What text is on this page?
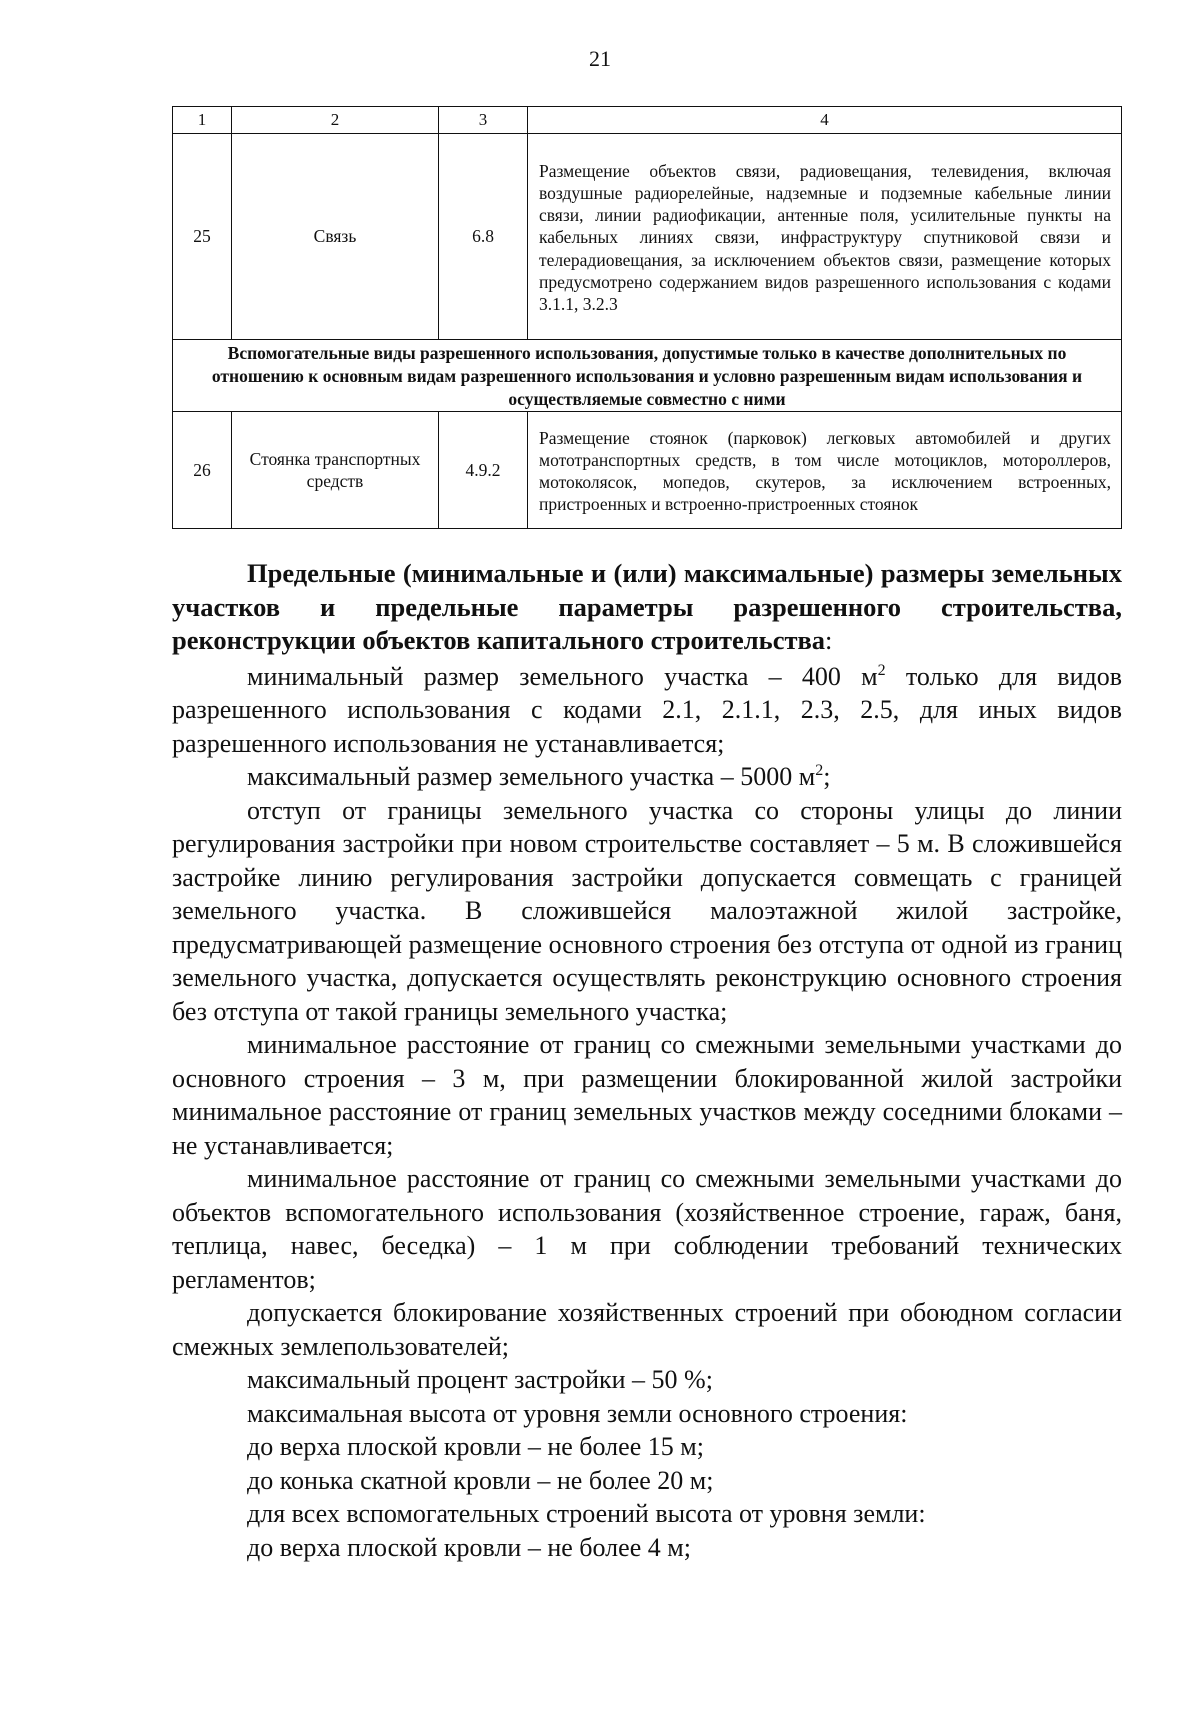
21
1	2	3	4
25	Связь	6.8	Размещение объектов связи, радиовещания, телевидения, включая воздушные радиорелейные, надземные и подземные кабельные линии связи, линии радиофикации, антенные поля, усилительные пункты на кабельных линиях связи, инфраструктуру спутниковой связи и телерадиовещания, за исключением объектов связи, размещение которых предусмотрено содержанием видов разрешенного использования с кодами 3.1.1, 3.2.3
Вспомогательные виды разрешенного использования, допустимые только в качестве дополнительных по отношению к основным видам разрешенного использования и условно разрешенным видам использования и осуществляемые совместно с ними			
26	Стоянка транспортных средств	4.9.2	Размещение стоянок (парковок) легковых автомобилей и других мототранспортных средств, в том числе мотоциклов, мотороллеров, мотоколясок, мопедов, скутеров, за исключением встроенных, пристроенных и встроенно-пристроенных стоянок

Предельные (минимальные и (или) максимальные) размеры земельных участков и предельные параметры разрешенного строительства, реконструкции объектов капитального строительства:

минимальный размер земельного участка – 400 $м^2$ только для видов разрешенного использования с кодами 2.1, 2.1.1, 2.3, 2.5, для иных видов разрешенного использования не устанавливается;

максимальный размер земельного участка – 5000 $м^2$;

отступ от границы земельного участка со стороны улицы до линии регулирования застройки при новом строительстве составляет – 5 м. В сложившейся застройке линию регулирования застройки допускается совмещать с границей земельного участка. В сложившейся малоэтажной жилой застройке, предусматривающей размещение основного строения без отступа от одной из границ земельного участка, допускается осуществлять реконструкцию основного строения без отступа от такой границы земельного участка;

минимальное расстояние от границ со смежными земельными участками до основного строения – 3 м, при размещении блокированной жилой застройки минимальное расстояние от границ земельных участков между соседними блоками – не устанавливается;

минимальное расстояние от границ со смежными земельными участками до объектов вспомогательного использования (хозяйственное строение, гараж, баня, теплица, навес, беседка) – 1 м при соблюдении требований технических регламентов;

допускается блокирование хозяйственных строений при обоюдном согласии смежных землепользователей;

максимальный процент застройки – 50 %;

максимальная высота от уровня земли основного строения:

до верха плоской кровли – не более 15 м;

до конька скатной кровли – не более 20 м;

для всех вспомогательных строений высота от уровня земли:

до верха плоской кровли – не более 4 м;
